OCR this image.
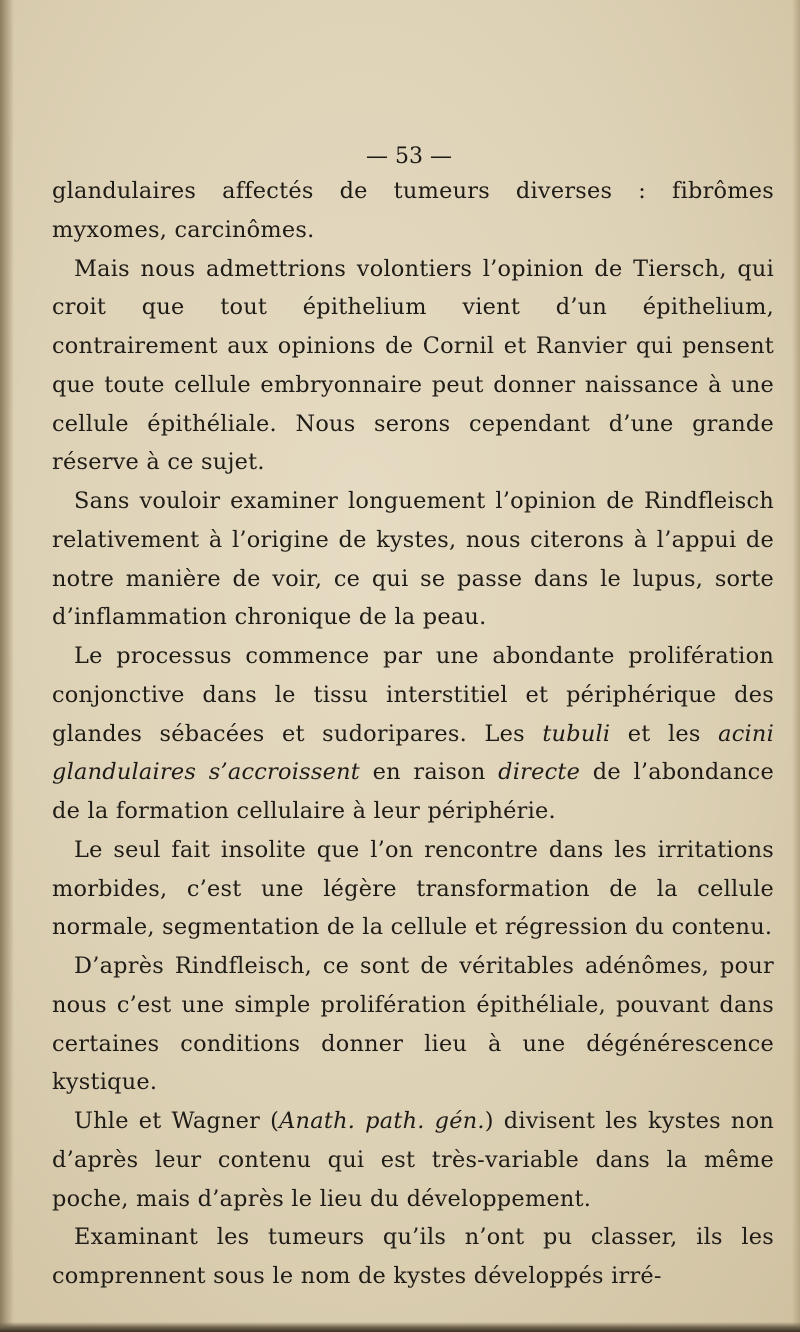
— 53 —

glandulaires affectés de tumeurs diverses : fibrômes myxomes, carcinômes.

Mais nous admettrions volontiers l’opinion de Tiersch, qui croit que tout épithelium vient d’un épithelium, contrairement aux opinions de Cornil et Ranvier qui pensent que toute cellule embryonnaire peut donner naissance à une cellule épithéliale. Nous serons cependant d’une grande réserve à ce sujet.

Sans vouloir examiner longuement l’opinion de Rindfleisch relativement à l’origine de kystes, nous citerons à l’appui de notre manière de voir, ce qui se passe dans le lupus, sorte d’inflammation chronique de la peau.

Le processus commence par une abondante prolifération conjonctive dans le tissu interstitiel et périphérique des glandes sébacées et sudoripares. Les tubuli et les acini glandulaires s’accroissent en raison directe de l’abondance de la formation cellulaire à leur périphérie.

Le seul fait insolite que l’on rencontre dans les irritations morbides, c’est une légère transformation de la cellule normale, segmentation de la cellule et régression du contenu.

D’après Rindfleisch, ce sont de véritables adénômes, pour nous c’est une simple prolifération épithéliale, pouvant dans certaines conditions donner lieu à une dégénérescence kystique.

Uhle et Wagner (Anath. path. gén.) divisent les kystes non d’après leur contenu qui est très-variable dans la même poche, mais d’après le lieu du développement.

Examinant les tumeurs qu’ils n’ont pu classer, ils les comprennent sous le nom de kystes développés irré-
